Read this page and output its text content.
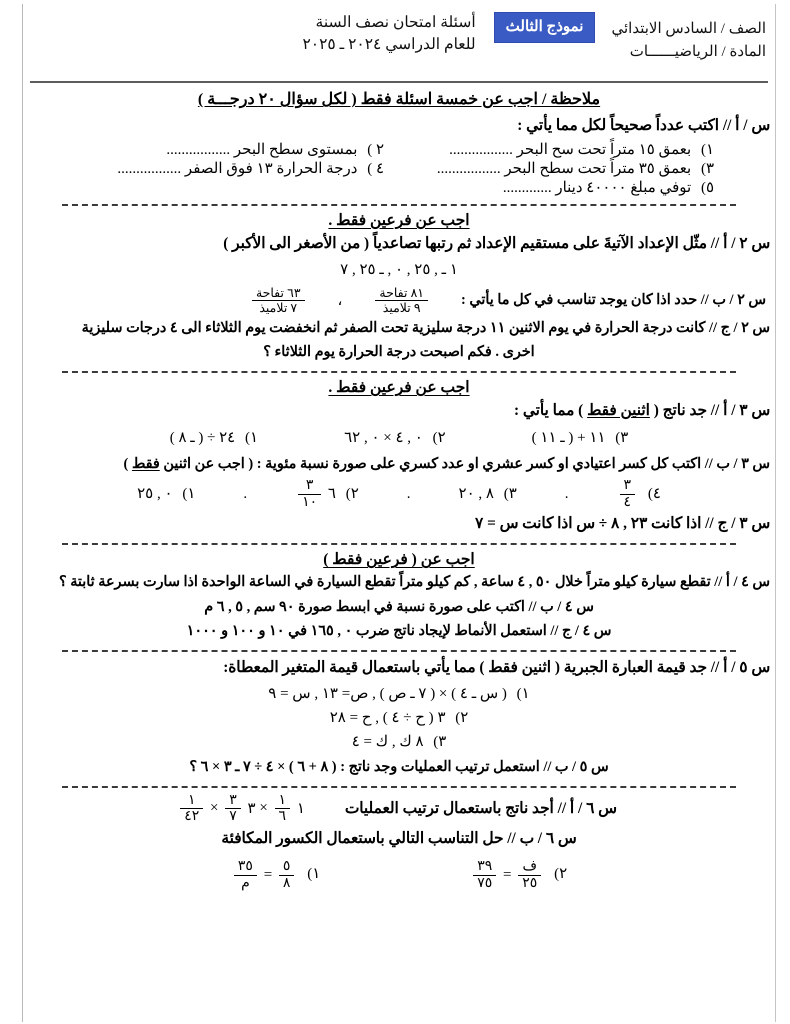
الصف / السادس الابتدائي
المادة / الرياضيــــــات
نموذج الثالث
أسئلة امتحان نصف السنة
للعام الدراسي ٢٠٢٤ ـ ٢٠٢٥
ملاحظة / اجب عن خمسة اسئلة فقط ( لكل سؤال ٢٠ درجـــة )
س / أ // اكتب عدداً صحيحاً لكل مما يأتي :
١) بعمق ١٥ متراً تحت سح البحر .................
٢ ) بمستوى سطح البحر .................
٣) بعمق ٣٥ متراً تحت سطح البحر .................
٤ ) درجة الحرارة ١٣ فوق الصفر .................
٥) توفي مبلغ ٤٠٠٠٠ دينار .............
اجب عن فرعين فقط .
س ٢ / أ // مثّل الإعداد الآتيةَ على مستقيم الإعداد ثم رتبها تصاعدياً ( من الأصغر الى الأكبر )
١ ـ , ٢٥ , ٠ , ـ ٢٥ , ٧
س ٢ / ب // حدد اذا كان يوجد تناسب في كل ما يأتي :
$\frac{\text{٨١ تفاحة}}{\text{٩ تلاميذ}}$
،
$\frac{\text{٦٣ تفاحة}}{\text{٧ تلاميذ}}$
س ٢ / ج // كانت درجة الحرارة في يوم الاثنين ١١ درجة سليزية تحت الصفر ثم انخفضت يوم الثلاثاء الى ٤ درجات سليزية
اخرى . فكم اصبحت درجة الحرارة يوم الثلاثاء ؟
اجب عن فرعين فقط .
س ٣ / أ // جد ناتج ( اثنين فقط ) مما يأتي :
٣) ١١ + ( ـ ١١ )
٢) ٠ , ٤ × ٠ , ٦٢
١) ٢٤ ÷ ( ـ ٨ )
س ٣ / ب // اكتب كل كسر اعتيادي او كسر عشري او عدد كسري على صورة نسبة مئوية : ( اجب عن اثنين فقط )
٤)
$\frac{٣}{٤}$
.
٣) ٨ , ٢٠
.
٢) ٦
$\frac{٣}{١٠}$
.
١) ٠ , ٢٥
س ٣ / ج // اذا كانت ٢٣ , ٨ ÷ س اذا كانت س = ٧
اجب عن ( فرعين فقط )
س ٤ / أ // تقطع سيارة كيلو متراً خلال ٥٠ , ٤ ساعة , كم كيلو متراً تقطع السيارة في الساعة الواحدة اذا سارت بسرعة ثابتة ؟
س ٤ / ب // اكتب على صورة نسبة في ابسط صورة ٩٠ سم , ٥ , ٦ م
س ٤ / ج // استعمل الأنماط لإيجاد ناتج ضرب ٠ , ١٦٥ في ١٠ و ١٠٠ و ١٠٠٠
س ٥ / أ // جد قيمة العبارة الجبرية ( اثنين فقط ) مما يأتي باستعمال قيمة المتغير المعطاة:
١) ( س ـ ٤ ) × ( ٧ ـ ص ) , ص= ١٣ , س = ٩
٢) ٣ ( ح ÷ ٤ ) , ح = ٢٨
٣) ٨ ك , ك = ٤
س ٥ / ب // استعمل ترتيب العمليات وجد ناتج : ( ٨ + ٦ ) × ٤ ÷ ٧ ـ ٣ × ٦ ؟
س ٦ / أ // أجد ناتج باستعمال ترتيب العمليات
١
$\frac{١}{٦}$
× ٣
$\frac{٣}{٧}$
×
$\frac{١}{٤٢}$
س ٦ / ب // حل التناسب التالي باستعمال الكسور المكافئة
٢)
$\frac{\text{ف}}{٢٥}$
=
$\frac{٣٩}{٧٥}$
١)
$\frac{٥}{٨}$
=
$\frac{٣٥}{\text{م}}$
